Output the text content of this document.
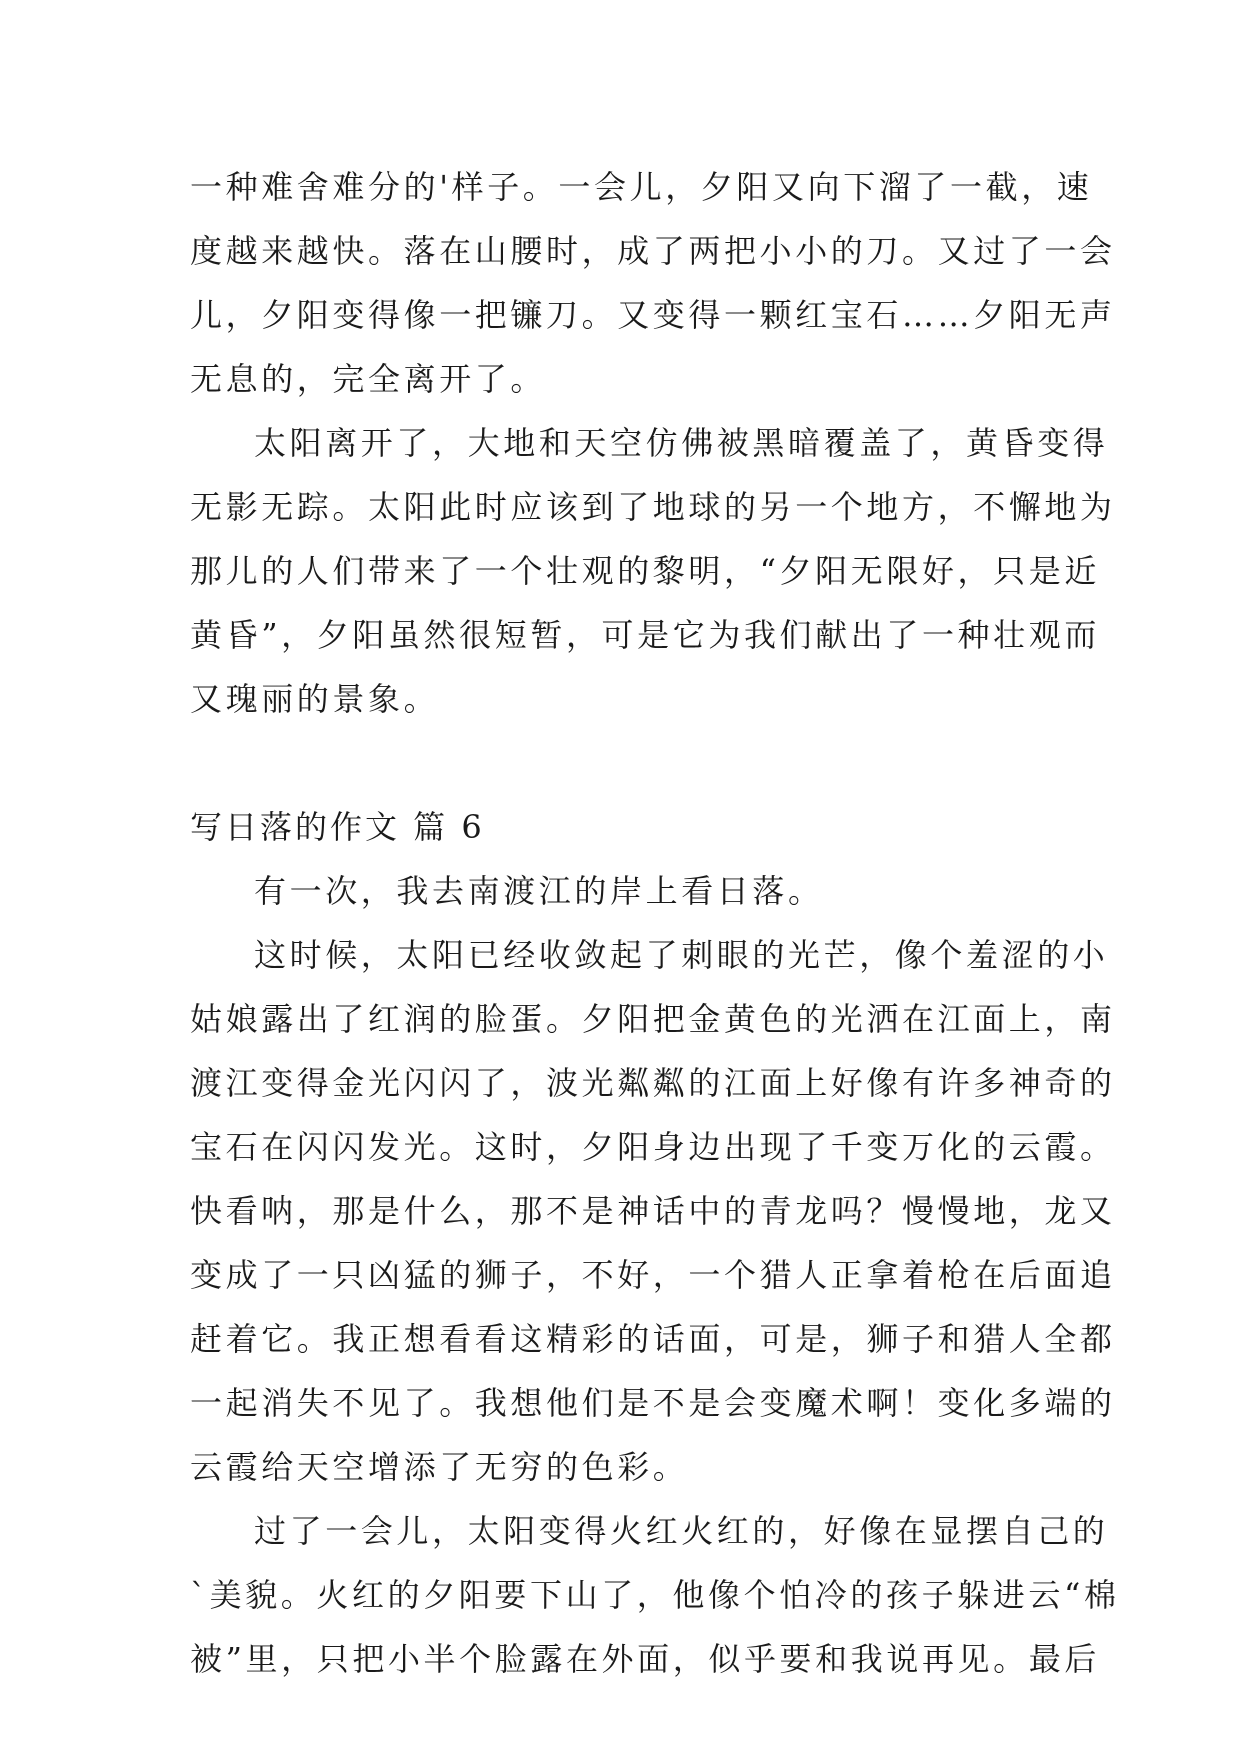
一种难舍难分的'样子。一会儿，夕阳又向下溜了一截，速
度越来越快。落在山腰时，成了两把小小的刀。又过了一会
儿，夕阳变得像一把镰刀。又变得一颗红宝石……夕阳无声
无息的，完全离开了。
太阳离开了，大地和天空仿佛被黑暗覆盖了，黄昏变得
无影无踪。太阳此时应该到了地球的另一个地方，不懈地为
那儿的人们带来了一个壮观的黎明，“夕阳无限好，只是近
黄昏”，夕阳虽然很短暂，可是它为我们献出了一种壮观而
又瑰丽的景象。
写日落的作文 篇 6
有一次，我去南渡江的岸上看日落。
这时候，太阳已经收敛起了刺眼的光芒，像个羞涩的小
姑娘露出了红润的脸蛋。夕阳把金黄色的光洒在江面上，南
渡江变得金光闪闪了，波光粼粼的江面上好像有许多神奇的
宝石在闪闪发光。这时，夕阳身边出现了千变万化的云霞。
快看呐，那是什么，那不是神话中的青龙吗？慢慢地，龙又
变成了一只凶猛的狮子，不好，一个猎人正拿着枪在后面追
赶着它。我正想看看这精彩的话面，可是，狮子和猎人全都
一起消失不见了。我想他们是不是会变魔术啊！变化多端的
云霞给天空增添了无穷的色彩。
过了一会儿，太阳变得火红火红的，好像在显摆自己的
`美貌。火红的夕阳要下山了，他像个怕冷的孩子躲进云“棉
被”里，只把小半个脸露在外面，似乎要和我说再见。最后
